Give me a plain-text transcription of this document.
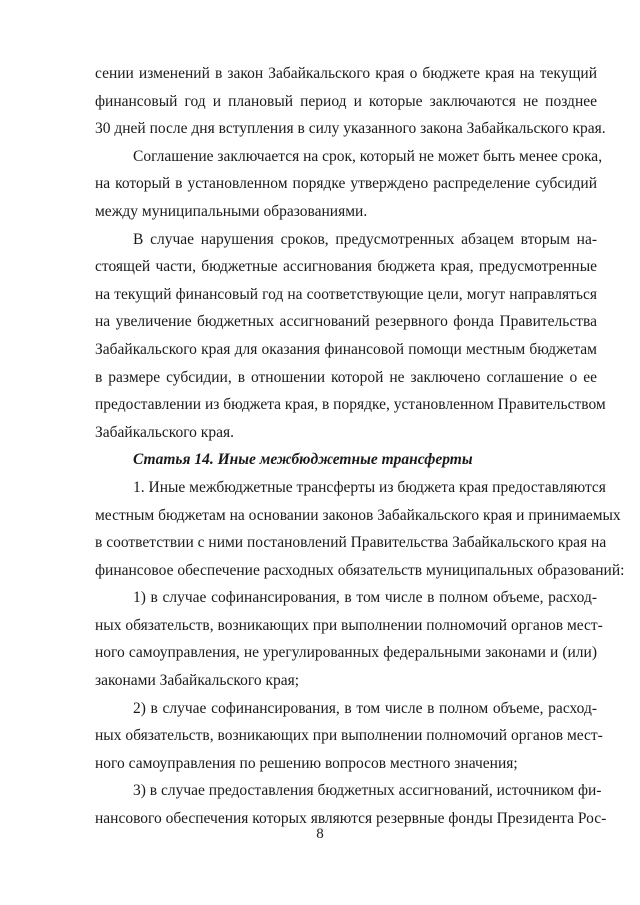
сении изменений в закон Забайкальского края о бюджете края на текущий
финансовый год и плановый период и которые заключаются не позднее
30 дней после дня вступления в силу указанного закона Забайкальского края.
Соглашение заключается на срок, который не может быть менее срока,
на который в установленном порядке утверждено распределение субсидий
между муниципальными образованиями.
В случае нарушения сроков, предусмотренных абзацем вторым на-
стоящей части, бюджетные ассигнования бюджета края, предусмотренные
на текущий финансовый год на соответствующие цели, могут направляться
на увеличение бюджетных ассигнований резервного фонда Правительства
Забайкальского края для оказания финансовой помощи местным бюджетам
в размере субсидии, в отношении которой не заключено соглашение о ее
предоставлении из бюджета края, в порядке, установленном Правительством
Забайкальского края.
Статья 14. Иные межбюджетные трансферты
1. Иные межбюджетные трансферты из бюджета края предоставляются
местным бюджетам на основании законов Забайкальского края и принимаемых
в соответствии с ними постановлений Правительства Забайкальского края на
финансовое обеспечение расходных обязательств муниципальных образований:
1) в случае софинансирования, в том числе в полном объеме, расход-
ных обязательств, возникающих при выполнении полномочий органов мест-
ного самоуправления, не урегулированных федеральными законами и (или)
законами Забайкальского края;
2) в случае софинансирования, в том числе в полном объеме, расход-
ных обязательств, возникающих при выполнении полномочий органов мест-
ного самоуправления по решению вопросов местного значения;
3) в случае предоставления бюджетных ассигнований, источником фи-
нансового обеспечения которых являются резервные фонды Президента Рос-
8
